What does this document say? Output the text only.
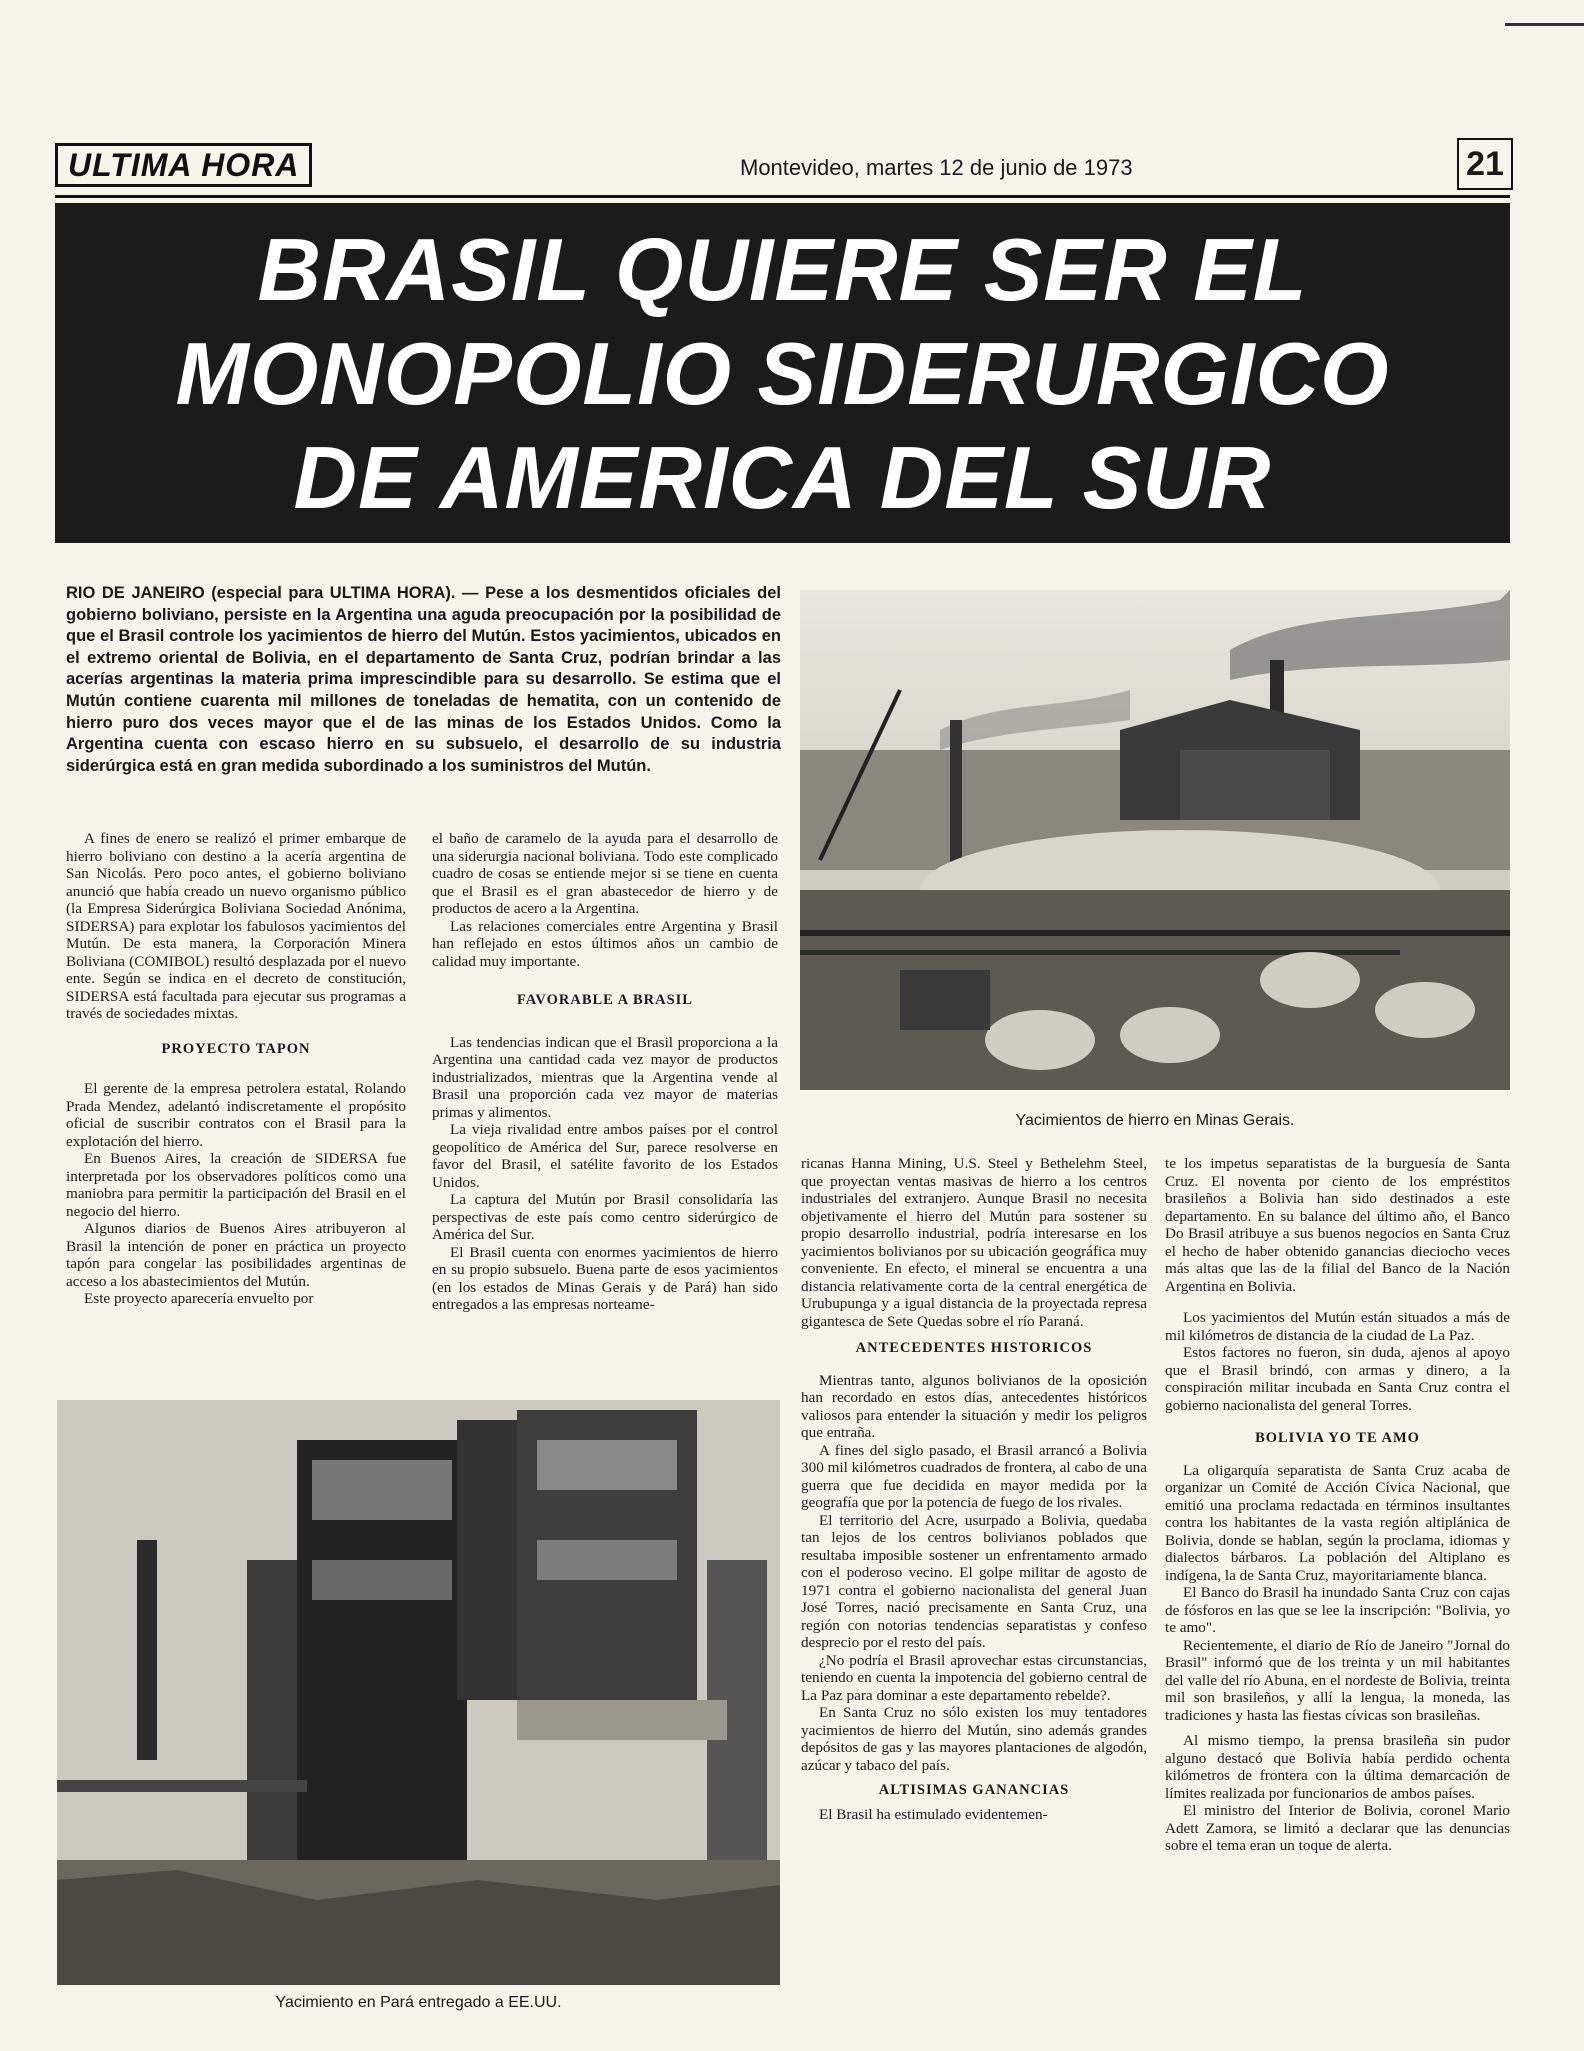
ULTIMA HORA	Montevideo, martes 12 de junio de 1973	21
BRASIL QUIERE SER EL
MONOPOLIO SIDERURGICO
DE AMERICA DEL SUR
RIO DE JANEIRO (especial para ULTIMA HORA). — Pese a los desmentidos oficiales del gobierno boliviano, persiste en la Argentina una aguda preocupación por la posibilidad de que el Brasil controle los yacimientos de hierro del Mutún. Estos yacimientos, ubicados en el extremo oriental de Bolivia, en el departamento de Santa Cruz, podrían brindar a las acerías argentinas la materia prima imprescindible para su desarrollo. Se estima que el Mutún contiene cuarenta mil millones de toneladas de hematita, con un contenido de hierro puro dos veces mayor que el de las minas de los Estados Unidos. Como la Argentina cuenta con escaso hierro en su subsuelo, el desarrollo de su industria siderúrgica está en gran medida subordinado a los suministros del Mutún.
Yacimientos de hierro en Minas Gerais.

A fines de enero se realizó el primer embarque de hierro boliviano con destino a la acería argentina de San Nicolás. Pero poco antes, el gobierno boliviano anunció que había creado un nuevo organismo público (la Empresa Siderúrgica Boliviana Sociedad Anónima, SIDERSA) para explotar los fabulosos yacimientos del Mutún. De esta manera, la Corporación Minera Boliviana (COMIBOL) resultó desplazada por el nuevo ente. Según se indica en el decreto de constitución, SIDERSA está facultada para ejecutar sus programas a través de sociedades mixtas.

PROYECTO TAPON

El gerente de la empresa petrolera estatal, Rolando Prada Mendez, adelantó indiscretamente el propósito oficial de suscribir contratos con el Brasil para la explotación del hierro.

En Buenos Aires, la creación de SIDERSA fue interpretada por los observadores políticos como una maniobra para permitir la participación del Brasil en el negocio del hierro.

Algunos diarios de Buenos Aires atribuyeron al Brasil la intención de poner en práctica un proyecto tapón para congelar las posibilidades argentinas de acceso a los abastecimientos del Mutún.

Este proyecto aparecería envuelto por

el baño de caramelo de la ayuda para el desarrollo de una siderurgia nacional boliviana. Todo este complicado cuadro de cosas se entiende mejor si se tiene en cuenta que el Brasil es el gran abastecedor de hierro y de productos de acero a la Argentina.

Las relaciones comerciales entre Argentina y Brasil han reflejado en estos últimos años un cambio de calidad muy importante.

FAVORABLE A BRASIL

Las tendencias indican que el Brasil proporciona a la Argentina una cantidad cada vez mayor de productos industrializados, mientras que la Argentina vende al Brasil una proporción cada vez mayor de materias primas y alimentos.

La vieja rivalidad entre ambos países por el control geopolítico de América del Sur, parece resolverse en favor del Brasil, el satélite favorito de los Estados Unidos.

La captura del Mutún por Brasil consolidaría las perspectivas de este país como centro siderúrgico de América del Sur.

El Brasil cuenta con enormes yacimientos de hierro en su propio subsuelo. Buena parte de esos yacimientos (en los estados de Minas Gerais y de Pará) han sido entregados a las empresas norteame-

Yacimiento en Pará entregado a EE.UU.

ricanas Hanna Mining, U.S. Steel y Bethelehm Steel, que proyectan ventas masivas de hierro a los centros industriales del extranjero. Aunque Brasil no necesita objetivamente el hierro del Mutún para sostener su propio desarrollo industrial, podría interesarse en los yacimientos bolivianos por su ubicación geográfica muy conveniente. En efecto, el mineral se encuentra a una distancia relativamente corta de la central energética de Urubupunga y a igual distancia de la proyectada represa gigantesca de Sete Quedas sobre el río Paraná.

ANTECEDENTES HISTORICOS

Mientras tanto, algunos bolivianos de la oposición han recordado en estos días, antecedentes históricos valiosos para entender la situación y medir los peligros que entraña.

A fines del siglo pasado, el Brasil arrancó a Bolivia 300 mil kilómetros cuadrados de frontera, al cabo de una guerra que fue decidida en mayor medida por la geografía que por la potencia de fuego de los rivales.

El territorio del Acre, usurpado a Bolivia, quedaba tan lejos de los centros bolivianos poblados que resultaba imposible sostener un enfrentamento armado con el poderoso vecino. El golpe militar de agosto de 1971 contra el gobierno nacionalista del general Juan José Torres, nació precisamente en Santa Cruz, una región con notorias tendencias separatistas y confeso desprecio por el resto del país.

¿No podría el Brasil aprovechar estas circunstancias, teniendo en cuenta la impotencia del gobierno central de La Paz para dominar a este departamento rebelde?.

En Santa Cruz no sólo existen los muy tentadores yacimientos de hierro del Mutún, sino además grandes depósitos de gas y las mayores plantaciones de algodón, azúcar y tabaco del país.

ALTISIMAS GANANCIAS

El Brasil ha estimulado evidentemen-

te los impetus separatistas de la burguesía de Santa Cruz. El noventa por ciento de los empréstitos brasileños a Bolivia han sido destinados a este departamento. En su balance del último año, el Banco Do Brasil atribuye a sus buenos negocios en Santa Cruz el hecho de haber obtenido ganancias dieciocho veces más altas que las de la filial del Banco de la Nación Argentina en Bolivia.

Los yacimientos del Mutún están situados a más de mil kilómetros de distancia de la ciudad de La Paz.

Estos factores no fueron, sin duda, ajenos al apoyo que el Brasil brindó, con armas y dinero, a la conspiración militar incubada en Santa Cruz contra el gobierno nacionalista del general Torres.

BOLIVIA YO TE AMO

La oligarquía separatista de Santa Cruz acaba de organizar un Comité de Acción Cívica Nacional, que emitió una proclama redactada en términos insultantes contra los habitantes de la vasta región altiplánica de Bolivia, donde se hablan, según la proclama, idiomas y dialectos bárbaros. La población del Altiplano es indígena, la de Santa Cruz, mayoritariamente blanca.

El Banco do Brasil ha inundado Santa Cruz con cajas de fósforos en las que se lee la inscripción: "Bolivia, yo te amo".

Recientemente, el diario de Río de Janeiro "Jornal do Brasil" informó que de los treinta y un mil habitantes del valle del río Abuna, en el nordeste de Bolivia, treinta mil son brasileños, y allí la lengua, la moneda, las tradiciones y hasta las fiestas cívicas son brasileñas.

Al mismo tiempo, la prensa brasileña sin pudor alguno destacó que Bolivia había perdido ochenta kilómetros de frontera con la última demarcación de límites realizada por funcionarios de ambos países.

El ministro del Interior de Bolivia, coronel Mario Adett Zamora, se limitó a declarar que las denuncias sobre el tema eran un toque de alerta.
